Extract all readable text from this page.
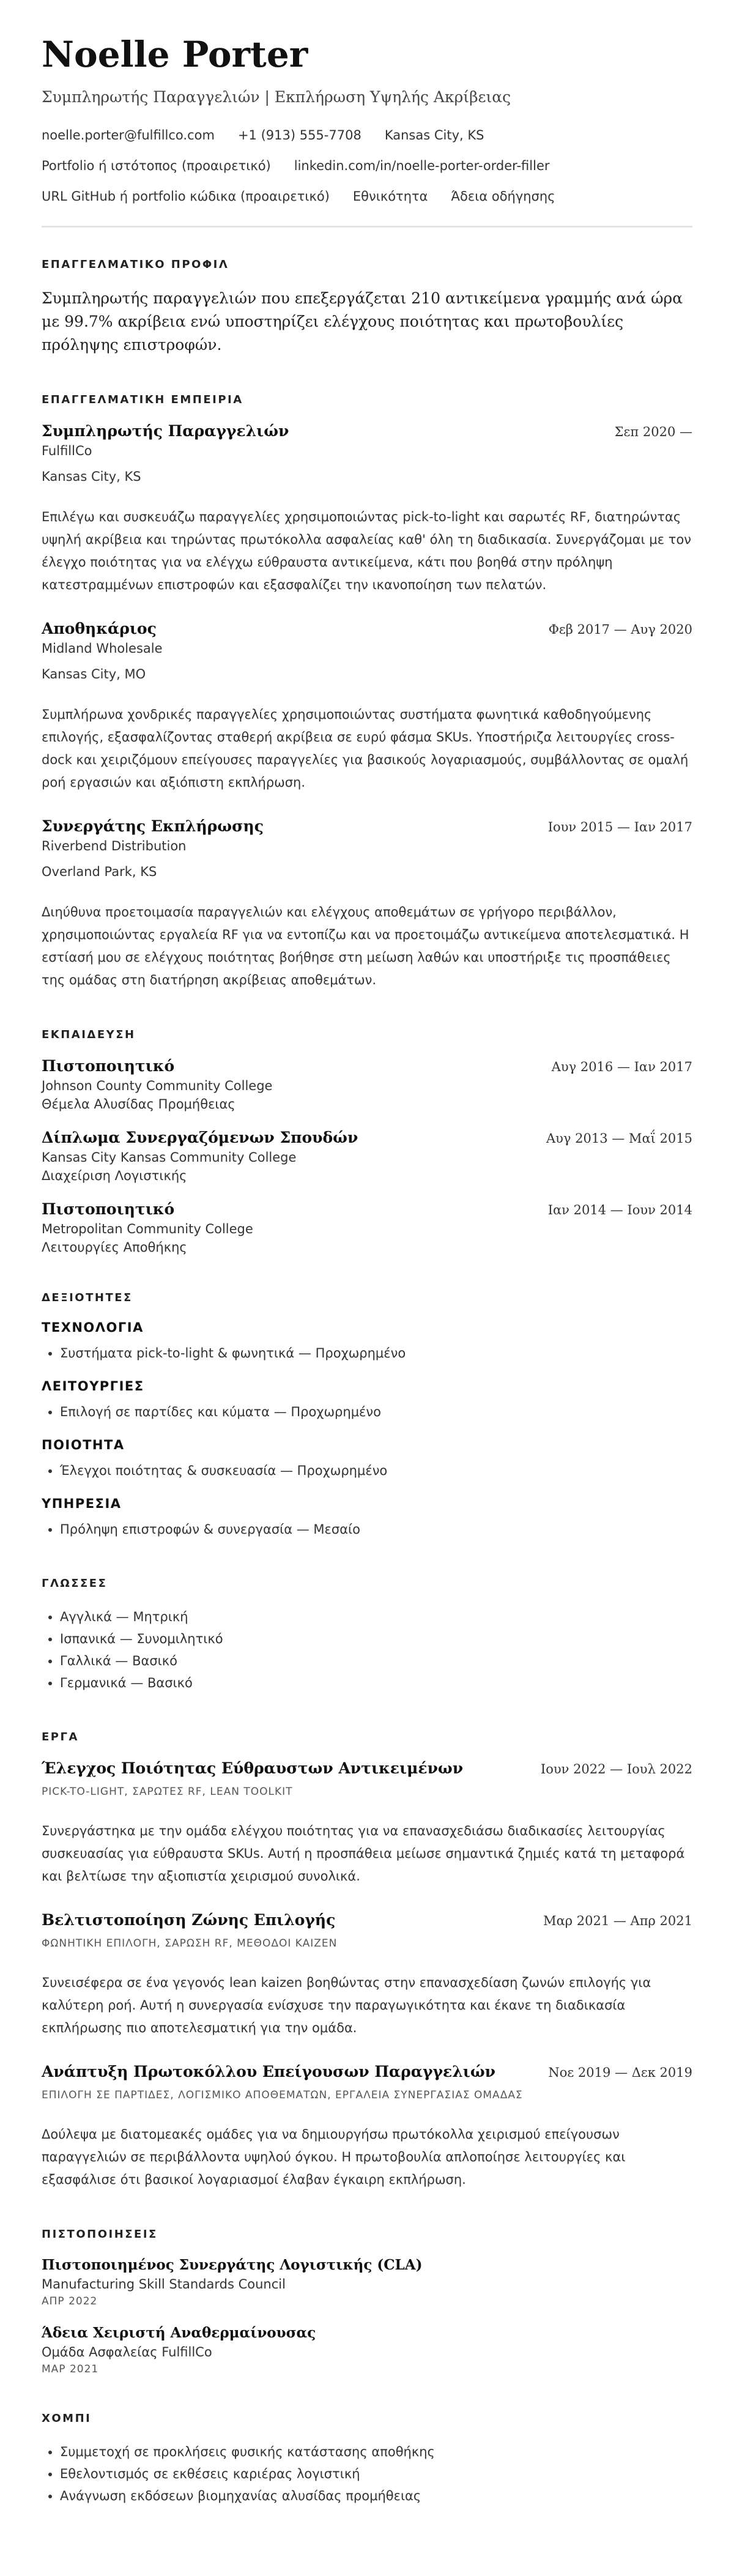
Noelle Porter
Συμπληρωτής Παραγγελιών | Εκπλήρωση Υψηλής Ακρίβειας
noelle.porter@fulfillco.com +1 (913) 555-7708 Kansas City, KS
Portfolio ή ιστότοπος (προαιρετικό) linkedin.com/in/noelle-porter-order-filler
URL GitHub ή portfolio κώδικα (προαιρετικό) Εθνικότητα Άδεια οδήγησης
ΕΠΑΓΓΕΛΜΑΤΙΚΟ ΠΡΟΦΙΛ
Συμπληρωτής παραγγελιών που επεξεργάζεται 210 αντικείμενα γραμμής ανά ώρα με 99.7% ακρίβεια ενώ υποστηρίζει ελέγχους ποιότητας και πρωτοβουλίες πρόληψης επιστροφών.
ΕΠΑΓΓΕΛΜΑΤΙΚΗ ΕΜΠΕΙΡΙΑ
Συμπληρωτής Παραγγελιών	Σεπ 2020 —
FulfillCo
Kansas City, KS
Επιλέγω και συσκευάζω παραγγελίες χρησιμοποιώντας pick-to-light και σαρωτές RF, διατηρώντας υψηλή ακρίβεια και τηρώντας πρωτόκολλα ασφαλείας καθ' όλη τη διαδικασία. Συνεργάζομαι με τον έλεγχο ποιότητας για να ελέγχω εύθραυστα αντικείμενα, κάτι που βοηθά στην πρόληψη κατεστραμμένων επιστροφών και εξασφαλίζει την ικανοποίηση των πελατών.
Αποθηκάριος	Φεβ 2017 — Αυγ 2020
Midland Wholesale
Kansas City, MO
Συμπλήρωνα χονδρικές παραγγελίες χρησιμοποιώντας συστήματα φωνητικά καθοδηγούμενης επιλογής, εξασφαλίζοντας σταθερή ακρίβεια σε ευρύ φάσμα SKUs. Υποστήριζα λειτουργίες cross-dock και χειριζόμουν επείγουσες παραγγελίες για βασικούς λογαριασμούς, συμβάλλοντας σε ομαλή ροή εργασιών και αξιόπιστη εκπλήρωση.
Συνεργάτης Εκπλήρωσης	Ιουν 2015 — Ιαν 2017
Riverbend Distribution
Overland Park, KS
Διηύθυνα προετοιμασία παραγγελιών και ελέγχους αποθεμάτων σε γρήγορο περιβάλλον, χρησιμοποιώντας εργαλεία RF για να εντοπίζω και να προετοιμάζω αντικείμενα αποτελεσματικά. Η εστίασή μου σε ελέγχους ποιότητας βοήθησε στη μείωση λαθών και υποστήριξε τις προσπάθειες της ομάδας στη διατήρηση ακρίβειας αποθεμάτων.
ΕΚΠΑΙΔΕΥΣΗ
Πιστοποιητικό	Αυγ 2016 — Ιαν 2017
Johnson County Community College
Θέμελα Αλυσίδας Προμήθειας
Δίπλωμα Συνεργαζόμενων Σπουδών	Αυγ 2013 — Μαΐ 2015
Kansas City Kansas Community College
Διαχείριση Λογιστικής
Πιστοποιητικό	Ιαν 2014 — Ιουν 2014
Metropolitan Community College
Λειτουργίες Αποθήκης
ΔΕΞΙΟΤΗΤΕΣ
ΤΕΧΝΟΛΟΓΙΑ
• Συστήματα pick-to-light & φωνητικά — Προχωρημένο
ΛΕΙΤΟΥΡΓΙΕΣ
• Επιλογή σε παρτίδες και κύματα — Προχωρημένο
ΠΟΙΟΤΗΤΑ
• Έλεγχοι ποιότητας & συσκευασία — Προχωρημένο
ΥΠΗΡΕΣΙΑ
• Πρόληψη επιστροφών & συνεργασία — Μεσαίο
ΓΛΩΣΣΕΣ
• Αγγλικά — Μητρική
• Ισπανικά — Συνομιλητικό
• Γαλλικά — Βασικό
• Γερμανικά — Βασικό
ΕΡΓΑ
Έλεγχος Ποιότητας Εύθραυστων Αντικειμένων	Ιουν 2022 — Ιουλ 2022
PICK-TO-LIGHT, ΣΑΡΩΤΕΣ RF, LEAN TOOLKIT
Συνεργάστηκα με την ομάδα ελέγχου ποιότητας για να επανασχεδιάσω διαδικασίες λειτουργίας συσκευασίας για εύθραυστα SKUs. Αυτή η προσπάθεια μείωσε σημαντικά ζημιές κατά τη μεταφορά και βελτίωσε την αξιοπιστία χειρισμού συνολικά.
Βελτιστοποίηση Ζώνης Επιλογής	Μαρ 2021 — Απρ 2021
ΦΩΝΗΤΙΚΗ ΕΠΙΛΟΓΗ, ΣΑΡΩΣΗ RF, ΜΕΘΟΔΟΙ KAIZEN
Συνεισέφερα σε ένα γεγονός lean kaizen βοηθώντας στην επανασχεδίαση ζωνών επιλογής για καλύτερη ροή. Αυτή η συνεργασία ενίσχυσε την παραγωγικότητα και έκανε τη διαδικασία εκπλήρωσης πιο αποτελεσματική για την ομάδα.
Ανάπτυξη Πρωτοκόλλου Επείγουσων Παραγγελιών	Νοε 2019 — Δεκ 2019
ΕΠΙΛΟΓΗ ΣΕ ΠΑΡΤΙΔΕΣ, ΛΟΓΙΣΜΙΚΟ ΑΠΟΘΕΜΑΤΩΝ, ΕΡΓΑΛΕΙΑ ΣΥΝΕΡΓΑΣΙΑΣ ΟΜΑΔΑΣ
Δούλεψα με διατομεακές ομάδες για να δημιουργήσω πρωτόκολλα χειρισμού επείγουσων παραγγελιών σε περιβάλλοντα υψηλού όγκου. Η πρωτοβουλία απλοποίησε λειτουργίες και εξασφάλισε ότι βασικοί λογαριασμοί έλαβαν έγκαιρη εκπλήρωση.
ΠΙΣΤΟΠΟΙΗΣΕΙΣ
Πιστοποιημένος Συνεργάτης Λογιστικής (CLA)
Manufacturing Skill Standards Council
ΑΠΡ 2022
Άδεια Χειριστή Αναθερμαίνουσας
Ομάδα Ασφαλείας FulfillCo
ΜΑΡ 2021
ΧΟΜΠΙ
• Συμμετοχή σε προκλήσεις φυσικής κατάστασης αποθήκης
• Εθελοντισμός σε εκθέσεις καριέρας λογιστική
• Ανάγνωση εκδόσεων βιομηχανίας αλυσίδας προμήθειας
